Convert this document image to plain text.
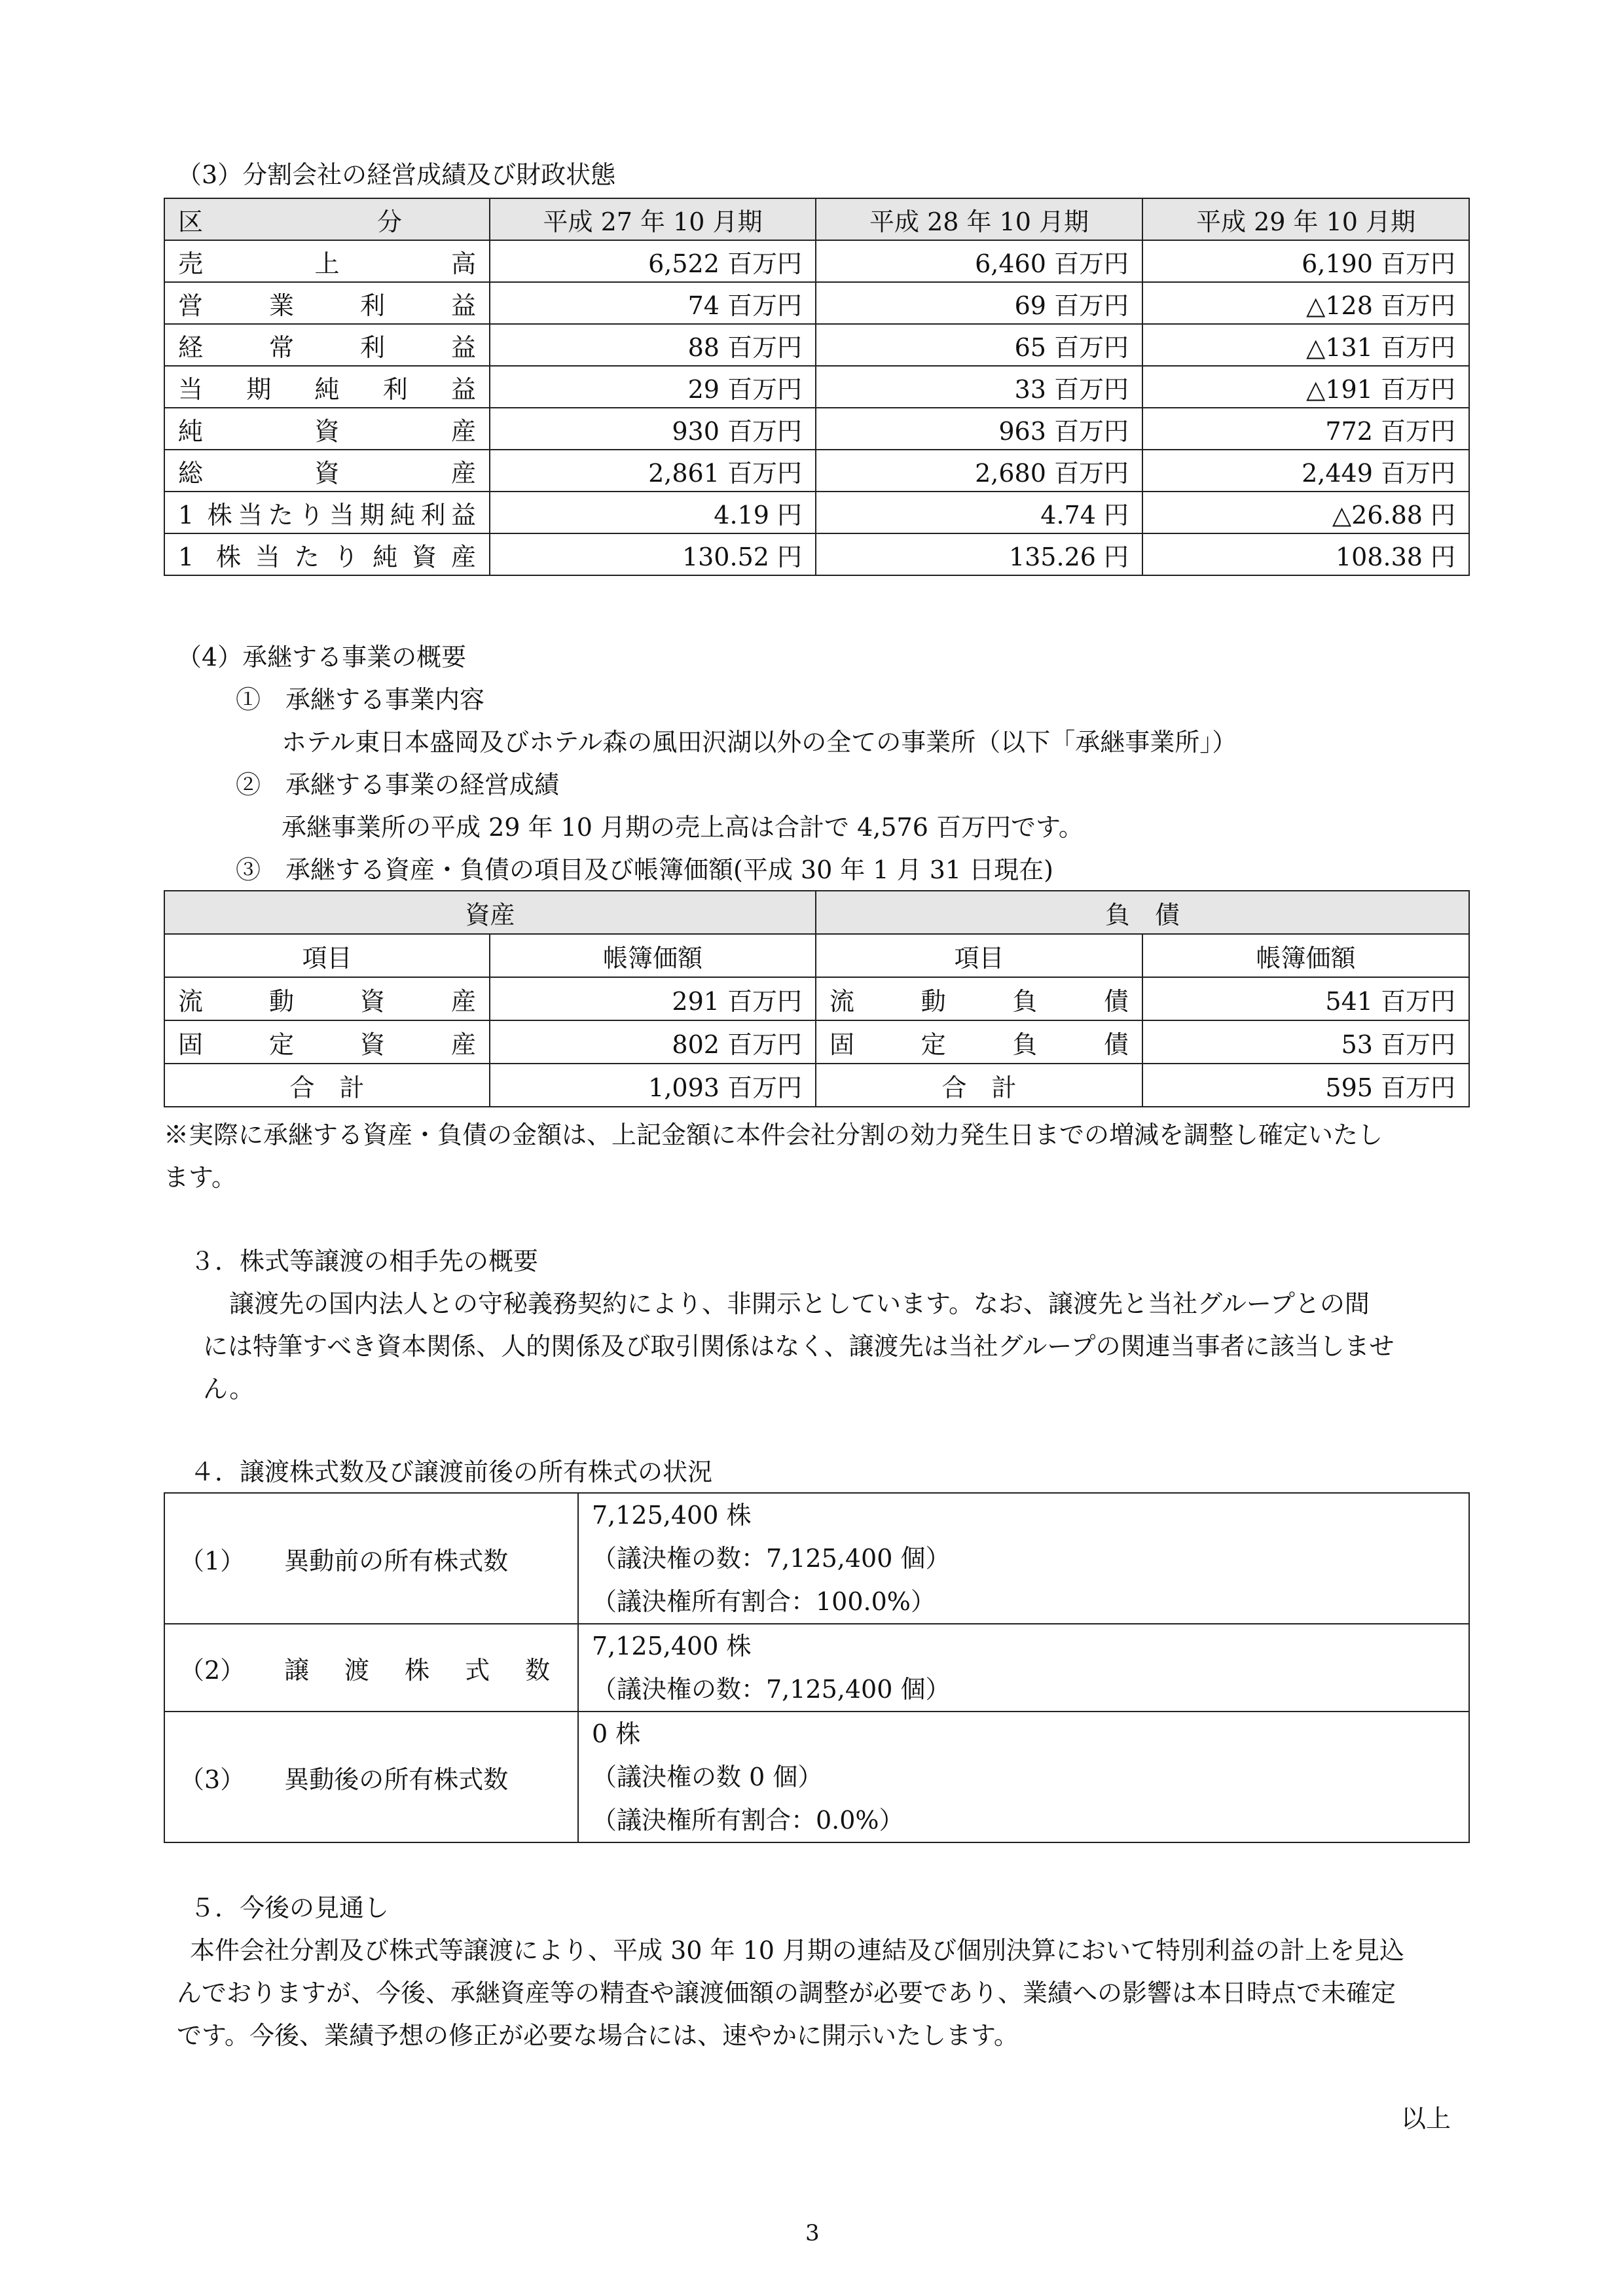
（3）分割会社の経営成績及び財政状態
区　　　　　　　分	平成 27 年 10 月期	平成 28 年 10 月期	平成 29 年 10 月期
売上高	6,522 百万円	6,460 百万円	6,190 百万円
営業利益	74 百万円	69 百万円	△128 百万円
経常利益	88 百万円	65 百万円	△131 百万円
当期純利益	29 百万円	33 百万円	△191 百万円
純資産	930 百万円	963 百万円	772 百万円
総資産	2,861 百万円	2,680 百万円	2,449 百万円
1 株当たり当期純利益	4.19 円	4.74 円	△26.88 円
1 株当たり純資産	130.52 円	135.26 円	108.38 円
（4）承継する事業の概要
①　承継する事業内容
ホテル東日本盛岡及びホテル森の風田沢湖以外の全ての事業所（以下「承継事業所」）
②　承継する事業の経営成績
承継事業所の平成 29 年 10 月期の売上高は合計で 4,576 百万円です。
③　承継する資産・負債の項目及び帳簿価額(平成 30 年 1 月 31 日現在)
資産		負　債	
項目	帳簿価額	項目	帳簿価額
流動資産	291 百万円	流動負債	541 百万円
固定資産	802 百万円	固定負債	53 百万円
合　計	1,093 百万円	合　計	595 百万円
※実際に承継する資産・負債の金額は、上記金額に本件会社分割の効力発生日までの増減を調整し確定いたし
ます。
３．株式等譲渡の相手先の概要
譲渡先の国内法人との守秘義務契約により、非開示としています。なお、譲渡先と当社グループとの間
には特筆すべき資本関係、人的関係及び取引関係はなく、譲渡先は当社グループの関連当事者に該当しませ
ん。
４．譲渡株式数及び譲渡前後の所有株式の状況
（1） 異動前の所有株式数	7,125,400 株
（議決権の数：7,125,400 個）
（議決権所有割合：100.0%）

（2） 譲渡株式数	7,125,400 株
（議決権の数：7,125,400 個）

（3） 異動後の所有株式数	0 株
（議決権の数 0 個）
（議決権所有割合：0.0%）
５．今後の見通し
本件会社分割及び株式等譲渡により、平成 30 年 10 月期の連結及び個別決算において特別利益の計上を見込
んでおりますが、今後、承継資産等の精査や譲渡価額の調整が必要であり、業績への影響は本日時点で未確定
です。今後、業績予想の修正が必要な場合には、速やかに開示いたします。
以上
3
